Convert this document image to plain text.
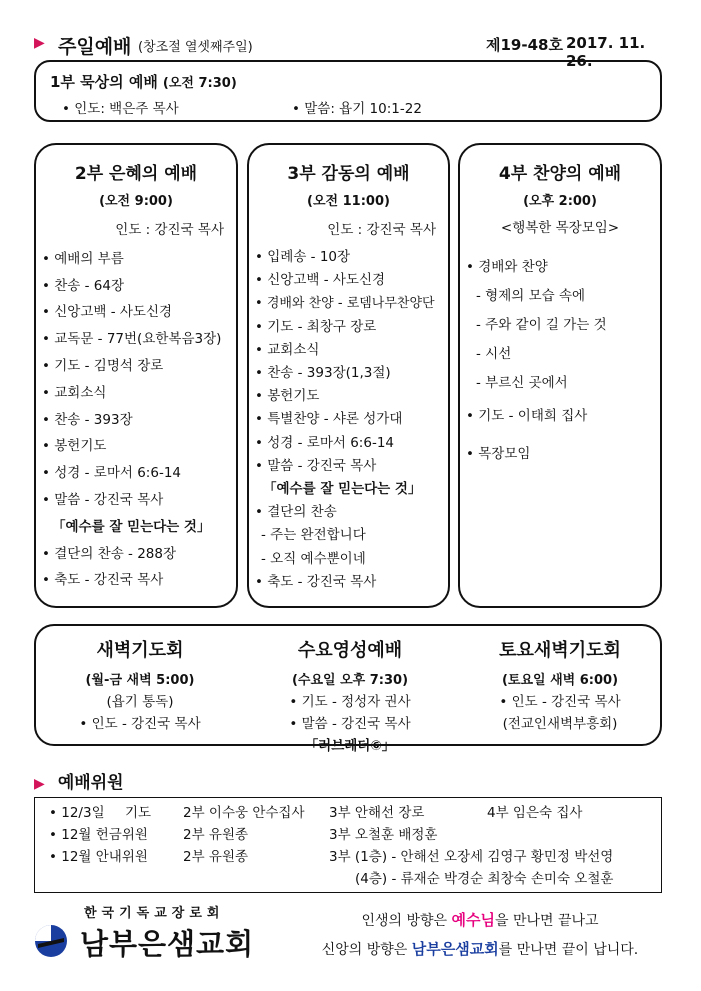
▶ 주일예배 (창조절 열셋째주일)	제19-48호 2017. 11. 26.
1부 묵상의 예배 (오전 7:30)
• 인도: 백은주 목사	• 말씀: 욥기 10:1-22
2부 은혜의 예배
(오전 9:00)
인도 : 강진국 목사
• 예배의 부름
• 찬송 - 64장
• 신앙고백 - 사도신경
• 교독문 - 77번(요한복음3장)
• 기도 - 김명석 장로
• 교회소식
• 찬송 - 393장
• 봉헌기도
• 성경 - 로마서 6:6-14
• 말씀 - 강진국 목사
「예수를 잘 믿는다는 것」
• 결단의 찬송 - 288장
• 축도 - 강진국 목사
3부 감동의 예배
(오전 11:00)
인도 : 강진국 목사
• 입례송 - 10장
• 신앙고백 - 사도신경
• 경배와 찬양 - 로뎀나무찬양단
• 기도 - 최창구 장로
• 교회소식
• 찬송 - 393장(1,3절)
• 봉헌기도
• 특별찬양 - 샤론 성가대
• 성경 - 로마서 6:6-14
• 말씀 - 강진국 목사
「예수를 잘 믿는다는 것」
• 결단의 찬송
- 주는 완전합니다
- 오직 예수뿐이네
• 축도 - 강진국 목사
4부 찬양의 예배
(오후 2:00)
<행복한 목장모임>
• 경배와 찬양
- 형제의 모습 속에
- 주와 같이 길 가는 것
- 시선
- 부르신 곳에서
• 기도 - 이태희 집사
• 목장모임
새벽기도회
(월-금 새벽 5:00)
(욥기 통독)
• 인도 - 강진국 목사
수요영성예배
(수요일 오후 7:30)
• 기도 - 정성자 권사
• 말씀 - 강진국 목사
「러브레터⑥」
토요새벽기도회
(토요일 새벽 6:00)
• 인도 - 강진국 목사
(전교인새벽부흥회)
▶ 예배위원
• 12/3일 기도 2부 이수웅 안수집사 3부 안해선 장로	4부 임은숙 집사
• 12월 헌금위원	2부 유원종	3부 오철훈 배정훈
• 12월 안내위원	2부 유원종	3부 (1층) - 안해선 오장세 김영구 황민정 박선영
(4층) - 류재순 박경순 최창숙 손미숙 오철훈
한국기독교장로회
남부은샘교회
인생의 방향은 예수님을 만나면 끝나고
신앙의 방향은 남부은샘교회를 만나면 끝이 납니다.
